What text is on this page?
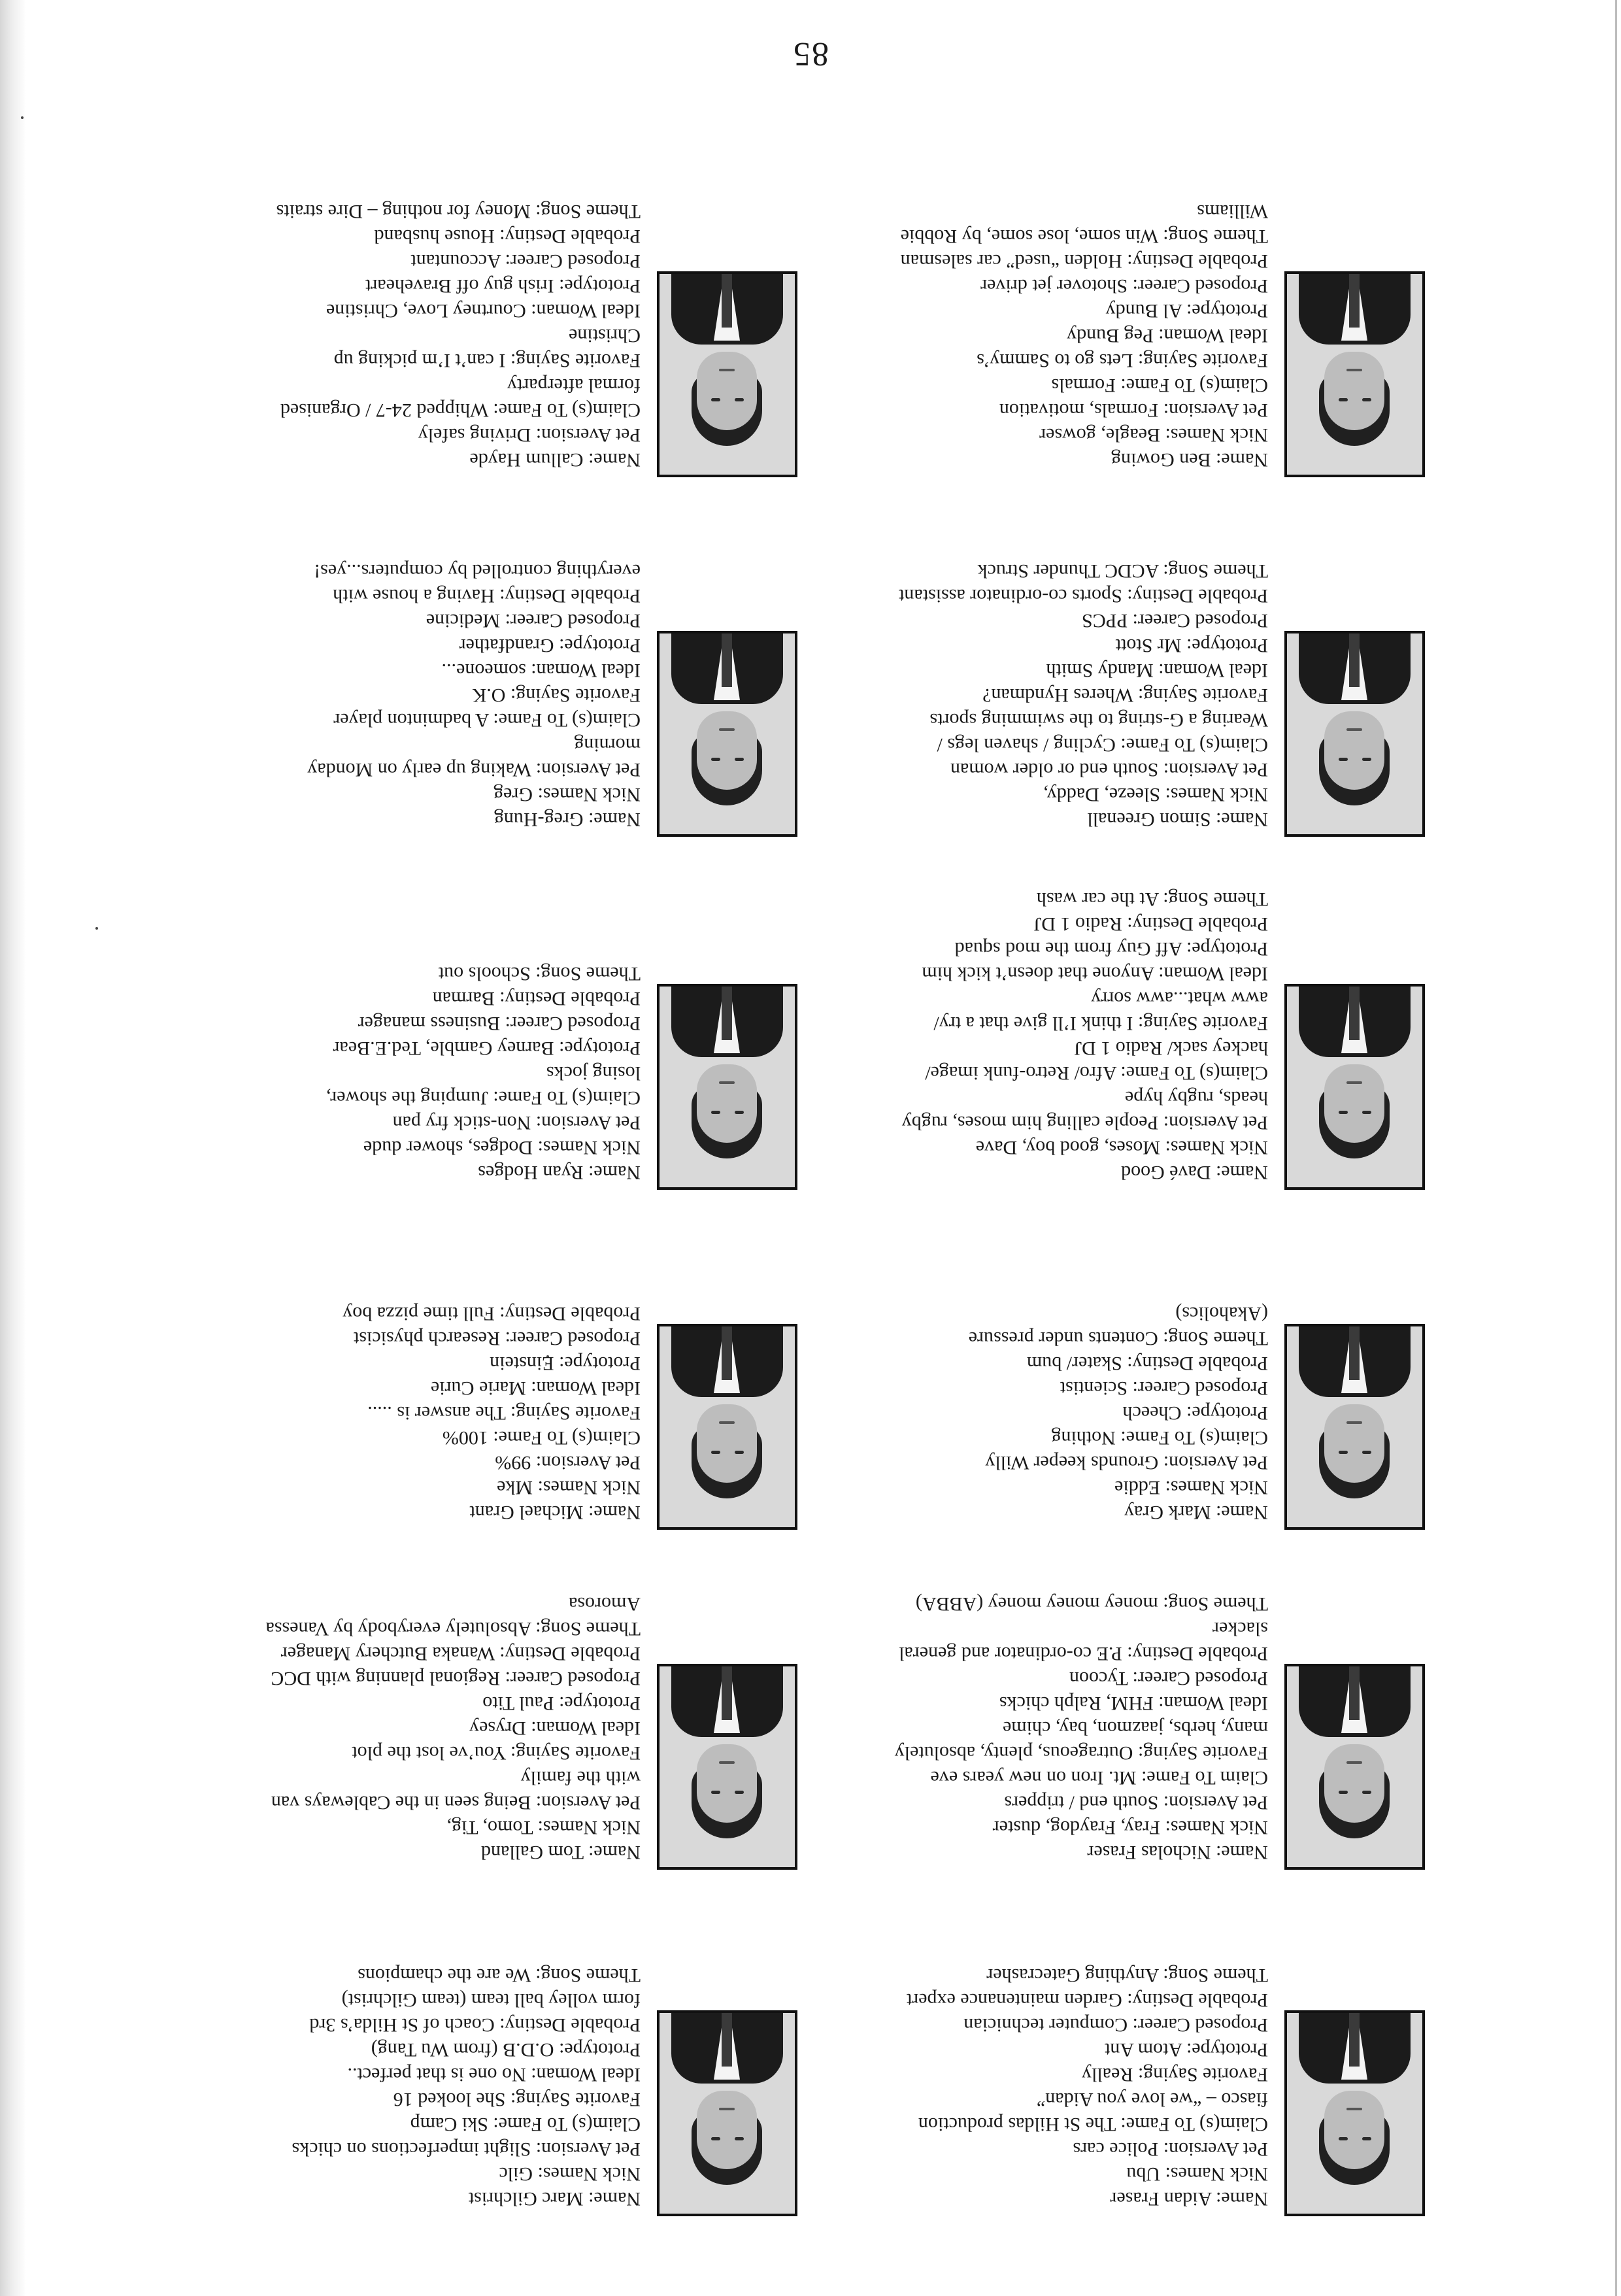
85
Name: Aidan Fraser
Nick Names: Ubu
Pet Aversion: Police cars
Claim(s) To Fame: The St Hildas production
fiasco – “we love you Aidan”
Favorite Saying: Really
Prototype: Atom Ant
Proposed Career: Computer technician
Probable Destiny: Garden maintenance expert
Theme Song: Anything Gatecrasher
Name: Marc Gilchrist
Nick Names: Gilc
Pet Aversion: Slight imperfections on chicks
Claim(s) To Fame: Ski Camp
Favorite Saying: She looked 16
Ideal Woman: No one is that perfect..
Prototype: O.D.B (from Wu Tang)
Probable Destiny: Coach of St Hilda’s 3rd
form volley ball team (team Gilchrist)
Theme Song: We are the champions
Name: Nicholas Fraser
Nick Names: Fray, Fraydog, duster
Pet Aversion: South end / trippers
Claim To Fame: Mt. Iron on new years eve
Favorite Saying: Outrageous, plenty, absolutely
many, herbs, jaazmon, bay, chime
Ideal Woman: FHM, Ralph chicks
Proposed Career: Tycoon
Probable Destiny: P.E co-ordinator and general
slacker
Theme Song: money money money (ABBA)
Name: Tom Galland
Nick Names: Tomo, Tig,
Pet Aversion: Being seen in the Cableways van
with the family
Favorite Saying: You’ve lost the plot
Ideal Woman: Drysey
Prototype: Paul Tito
Proposed Career: Regional planning with DCC
Probable Destiny: Wanaka Butchery Manager
Theme Song: Absolutely everybody by Vanessa
Amorosa
Name: Mark Gray
Nick Names: Eddie
Pet Aversion: Grounds keeper Willy
Claim(s) To Fame: Nothing
Prototype: Cheech
Proposed Career: Scientist
Probable Destiny: Skater/ bum
Theme Song: Contents under pressure
(Akaholics)
Name: Michael Grant
Nick Names: Mke
Pet Aversion: 99%
Claim(s) To Fame: 100%
Favorite Saying: The answer is .....
Ideal Woman: Marie Curie
Prototype: Einstein
Proposed Career: Research physicist
Probable Destiny: Full time pizza boy
Name: Davé Good
Nick Names: Moses, good boy, Dave
Pet Aversion: People calling him moses, rugby
heads, rugby hype
Claim(s) To Fame: Afro/ Retro-funk image/
hackey sack/ Radio 1 DJ
Favorite Saying: I think I’ll give that a try/
aww what...aww sorry
Ideal Woman: Anyone that doesn’t kick him
Prototype: Aff Guy from the mod squad
Probable Destiny: Radio 1 DJ
Theme Song: At the car wash
Name: Ryan Hodges
Nick Names: Dodges, shower dude
Pet Aversion: Non-stick fry pan
Claim(s) To Fame: Jumping the shower,
losing jocks
Prototype: Barney Gamble, Ted.E.Bear
Proposed Career: Business manager
Probable Destiny: Barman
Theme Song: Schools out
Name: Simon Greenall
Nick Names: Sleeze, Daddy,
Pet Aversion: South end or older woman
Claim(s) To Fame: Cycling / shaven legs /
Wearing a G-string to the swimming sports
Favorite Saying: Wheres Hyndman?
Ideal Woman: Mandy Smith
Prototype: Mr Stott
Proposed Career: PPCS
Probable Destiny: Sports co-ordinator assistant
Theme Song: ACDC Thunder Struck
Name: Greg-Hung
Nick Names: Greg
Pet Aversion: Waking up early on Monday
morning
Claim(s) To Fame: A badminton player
Favorite Saying: O.K
Ideal Woman: someone...
Prototype: Grandfather
Proposed Career: Medicine
Probable Destiny: Having a house with
everything controlled by computers...yes!
Name: Ben Gowing
Nick Names: Beagle, gowser
Pet Aversion: Formals, motivation
Claim(s) To Fame: Formals
Favorite Saying: Lets go to Sammy’s
Ideal Woman: Peg Bundy
Prototype: Al Bundy
Proposed Career: Shotover jet driver
Probable Destiny: Holden “used” car salesman
Theme Song: Win some, lose some, by Robbie
Williams
Name: Callum Hayde
Pet Aversion: Driving safely
Claim(s) To Fame: Whipped 24-7 / Organised
formal afterparty
Favorite Saying: I can’t I’m picking up
Christine
Ideal Woman: Courtney Love, Christine
Prototype: Irish guy off Braveheart
Proposed Career: Accountant
Probable Destiny: House husband
Theme Song: Money for nothing – Dire straits
